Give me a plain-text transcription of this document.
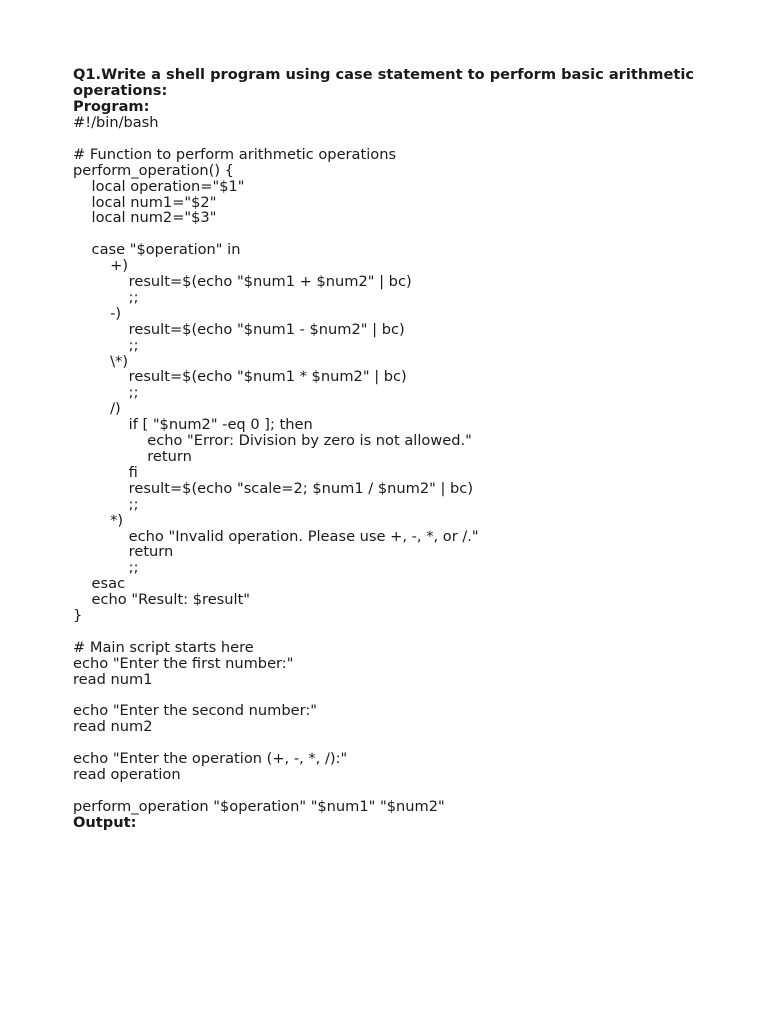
Q1.Write a shell program using case statement to perform basic arithmetic operations:
Program:
#!/bin/bash
# Function to perform arithmetic operations
perform_operation() {
local operation="$1"
local num1="$2"
local num2="$3"
case "$operation" in
+)
result=$(echo "$num1 + $num2" | bc)
;;
-)
result=$(echo "$num1 - $num2" | bc)
;;
\*)
result=$(echo "$num1 * $num2" | bc)
;;
/)
if [ "$num2" -eq 0 ]; then
echo "Error: Division by zero is not allowed."
return
fi
result=$(echo "scale=2; $num1 / $num2" | bc)
;;
*)
echo "Invalid operation. Please use +, -, *, or /."
return
;;
esac
echo "Result: $result"
}
# Main script starts here
echo "Enter the first number:"
read num1
echo "Enter the second number:"
read num2
echo "Enter the operation (+, -, *, /):"
read operation
perform_operation "$operation" "$num1" "$num2"
Output:
